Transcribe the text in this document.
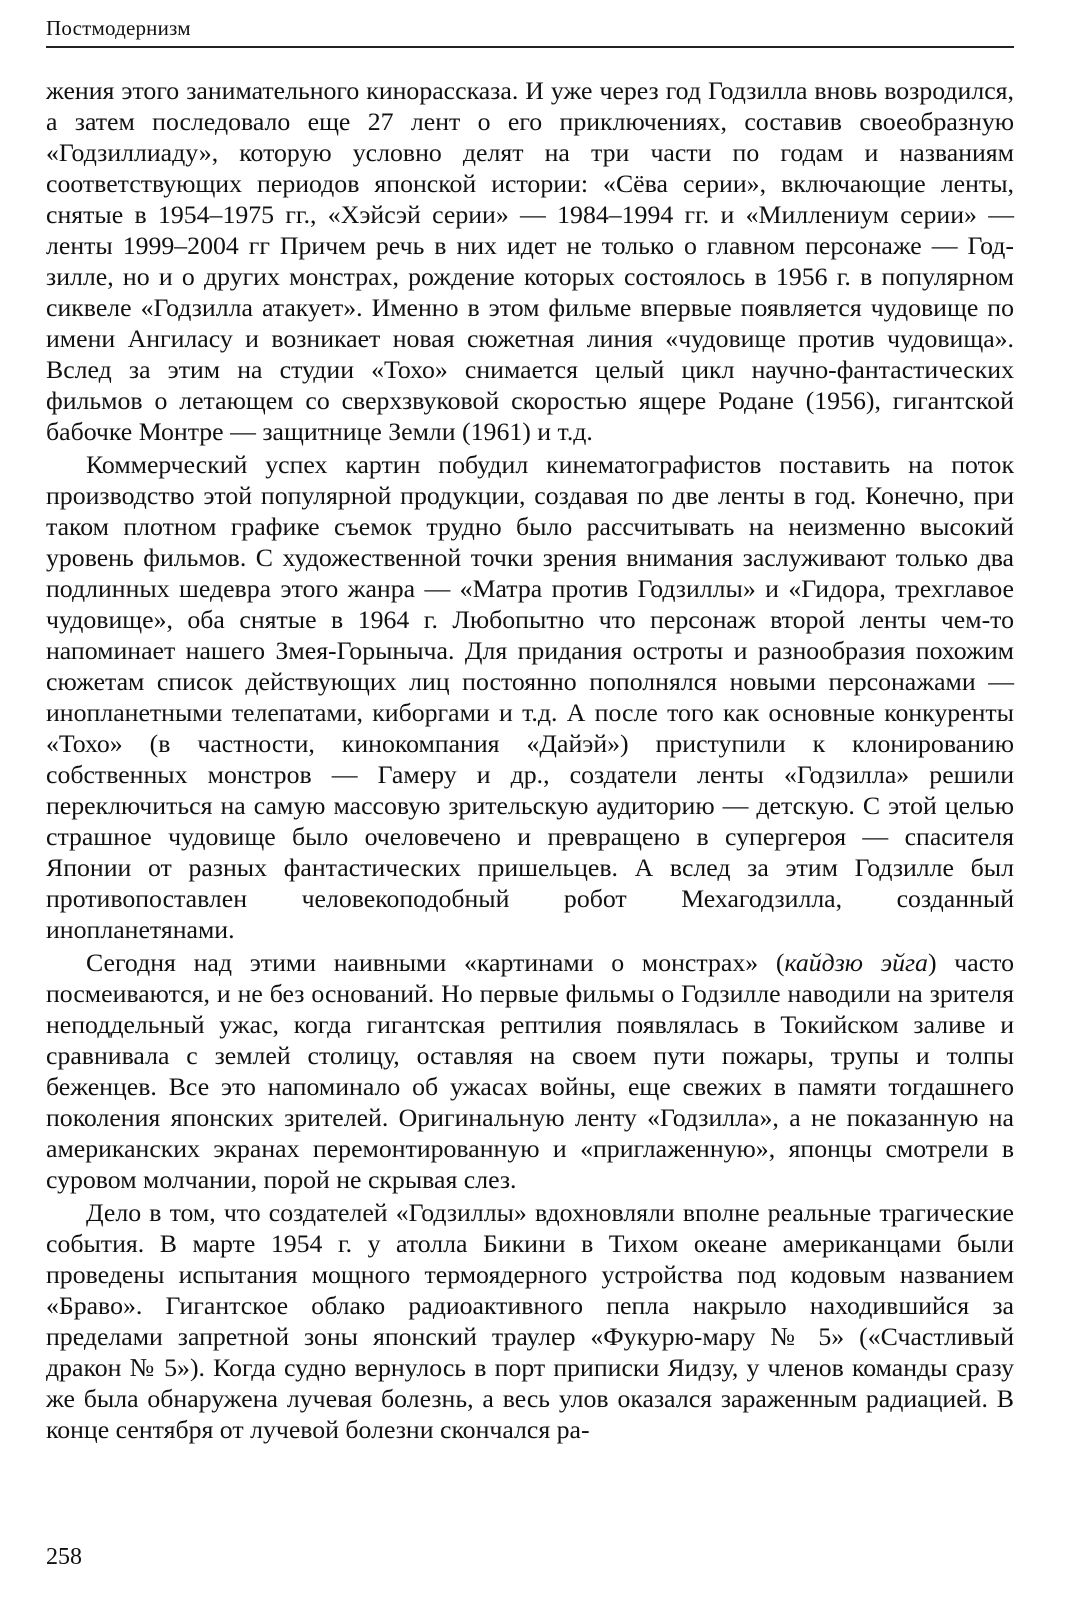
Постмодернизм

жения этого занимательного кинорассказа. И уже через год Годзилла вновь возродился, а затем последовало еще 27 лент о его приключениях, составив своеобразную «Годзиллиаду», которую условно делят на три части по годам и названиям соответствующих периодов японской истории: «Сёва серии», включающие ленты, снятые в 1954–1975 гг., «Хэйсэй серии» — 1984–1994 гг. и «Миллениум серии» — ленты 1999–2004 гг Причем речь в них идет не только о главном персонаже — Годзилле, но и о других монстрах, рождение которых состоялось в 1956 г. в популярном сиквеле «Годзилла атакует». Именно в этом фильме впервые появляется чудовище по имени Ангиласу и возникает новая сюжетная линия «чудовище против чудовища». Вслед за этим на студии «Тохо» снимается целый цикл научно-фантастических фильмов о летающем со сверхзвуковой скоростью ящере Родане (1956), гигантской бабочке Монтре — защитнице Земли (1961) и т.д.

Коммерческий успех картин побудил кинематографистов поставить на поток производство этой популярной продукции, создавая по две ленты в год. Конечно, при таком плотном графике съемок трудно было рассчитывать на неизменно высокий уровень фильмов. С художественной точки зрения внимания заслуживают только два подлинных шедевра этого жанра — «Матра против Годзиллы» и «Гидора, трехглавое чудовище», оба снятые в 1964 г. Любопытно что персонаж второй ленты чем-то напоминает нашего Змея-Горыныча. Для придания остроты и разнообразия похожим сюжетам список действующих лиц постоянно пополнялся новыми персонажами — инопланетными телепатами, киборгами и т.д. А после того как основные конкуренты «Тохо» (в частности, кинокомпания «Дайэй») приступили к клонированию собственных монстров — Гамеру и др., создатели ленты «Годзилла» решили переключиться на самую массовую зрительскую аудиторию — детскую. С этой целью страшное чудовище было очеловечено и превращено в супергероя — спасителя Японии от разных фантастических пришельцев. А вслед за этим Годзилле был противопоставлен человекоподобный робот Мехагодзилла, созданный инопланетянами.

Сегодня над этими наивными «картинами о монстрах» (кайдзю эйга) часто посмеиваются, и не без оснований. Но первые фильмы о Годзилле наводили на зрителя неподдельный ужас, когда гигантская рептилия появлялась в Токийском заливе и сравнивала с землей столицу, оставляя на своем пути пожары, трупы и толпы беженцев. Все это напоминало об ужасах войны, еще свежих в памяти тогдашнего поколения японских зрителей. Оригинальную ленту «Годзилла», а не показанную на американских экранах перемонтированную и «приглаженную», японцы смотрели в суровом молчании, порой не скрывая слез.

Дело в том, что создателей «Годзиллы» вдохновляли вполне реальные трагические события. В марте 1954 г. у атолла Бикини в Тихом океане американцами были проведены испытания мощного термоядерного устройства под кодовым названием «Браво». Гигантское облако радиоактивного пепла накрыло находившийся за пределами запретной зоны японский траулер «Фукурю-мару № 5» («Счастливый дракон № 5»). Когда судно вернулось в порт приписки Яидзу, у членов команды сразу же была обнаружена лучевая болезнь, а весь улов оказался зараженным радиацией. В конце сентября от лучевой болезни скончался ра-

258
